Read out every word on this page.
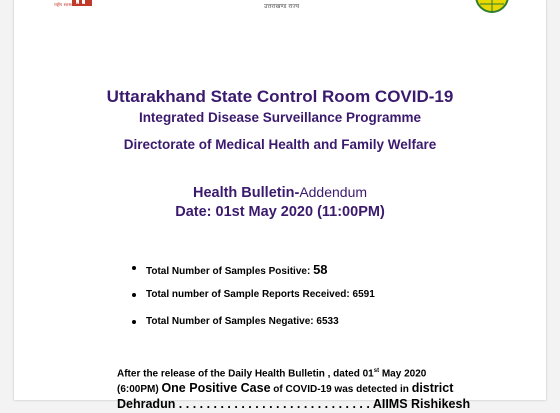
राष्ट्रीय स्वास्थ्य मिशन	उत्तराखण्ड राज्य
Uttarakhand State Control Room COVID-19
Integrated Disease Surveillance Programme
Directorate of Medical Health and Family Welfare
Health Bulletin-Addendum
Date: 01st May 2020 (11:00PM)
Total Number of Samples Positive: 58
Total number of Sample Reports Received: 6591
Total Number of Samples Negative: 6533
After the release of the Daily Health Bulletin , dated 01st May 2020
(6:00PM) One Positive Case of COVID-19 was detected in district
Dehradun . . . . . . . . . . . . . . . . . . . . . . . . . . . . AIIMS Rishikesh
